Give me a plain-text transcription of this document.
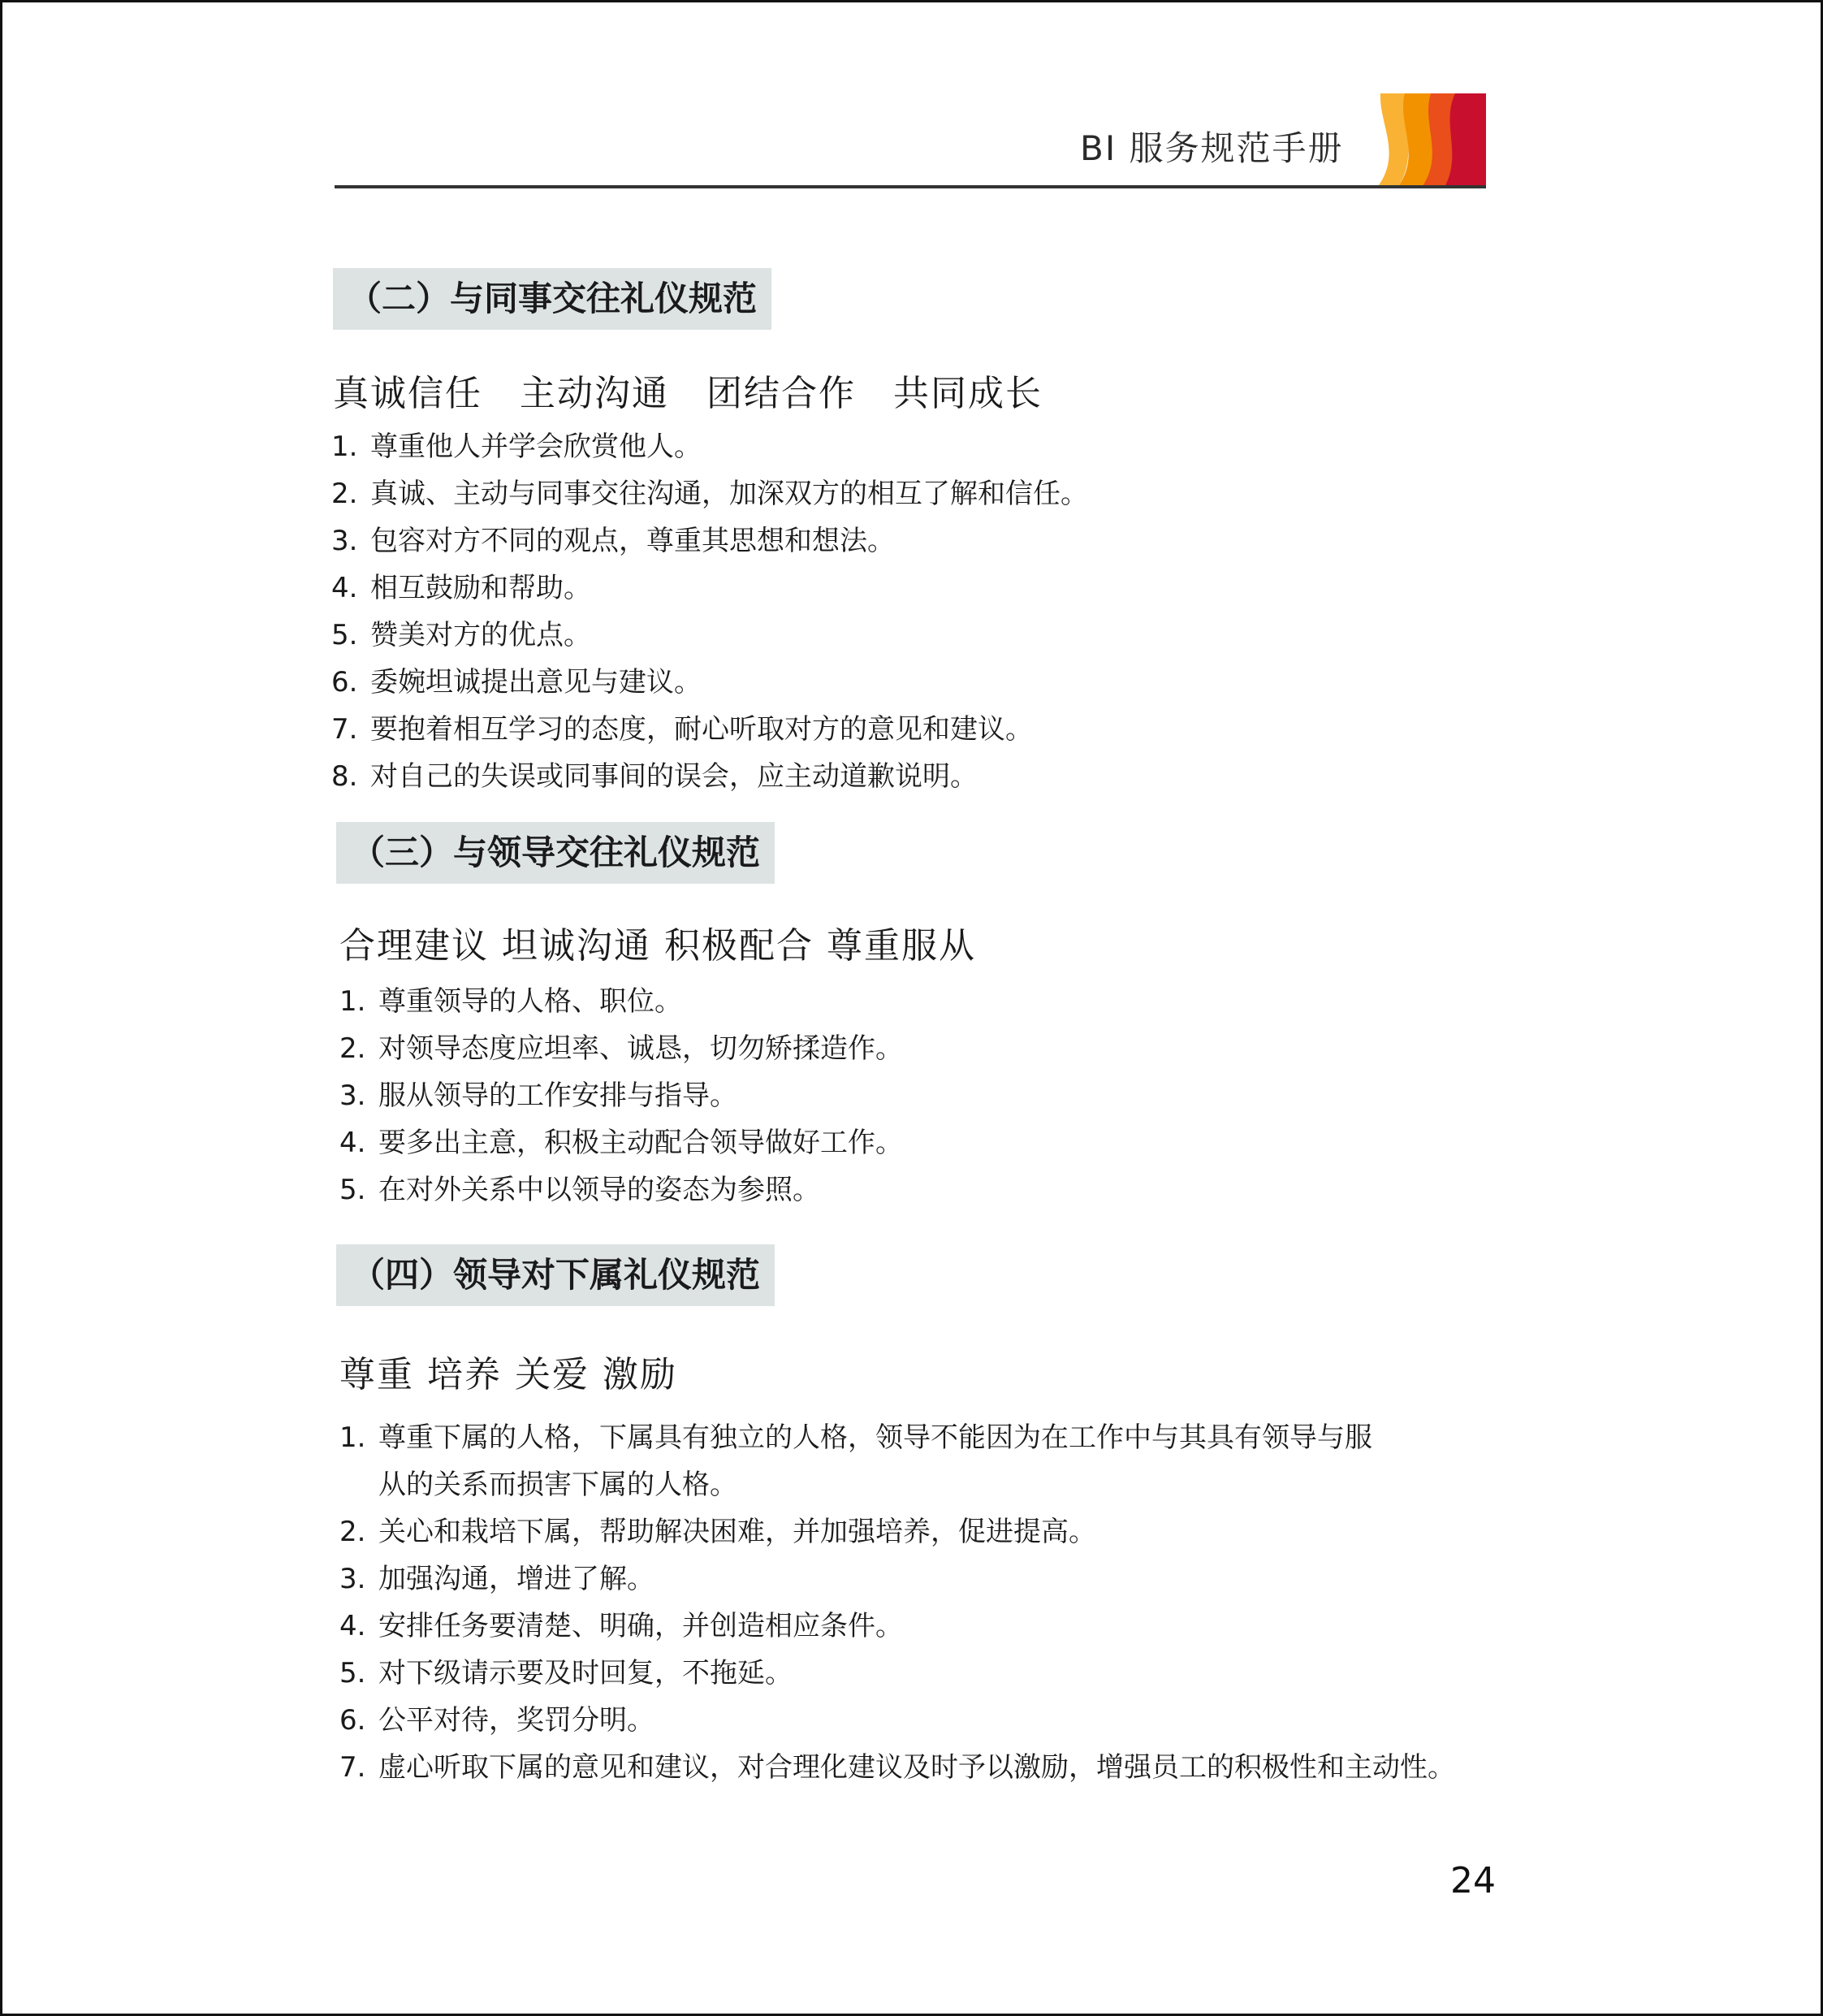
BI 服务规范手册
（二）与同事交往礼仪规范
真诚信任　主动沟通　团结合作　共同成长
1. 尊重他人并学会欣赏他人。
2. 真诚、主动与同事交往沟通，加深双方的相互了解和信任。
3. 包容对方不同的观点，尊重其思想和想法。
4. 相互鼓励和帮助。
5. 赞美对方的优点。
6. 委婉坦诚提出意见与建议。
7. 要抱着相互学习的态度，耐心听取对方的意见和建议。
8. 对自己的失误或同事间的误会，应主动道歉说明。
（三）与领导交往礼仪规范
合理建议 坦诚沟通 积极配合 尊重服从
1. 尊重领导的人格、职位。
2. 对领导态度应坦率、诚恳，切勿矫揉造作。
3. 服从领导的工作安排与指导。
4. 要多出主意，积极主动配合领导做好工作。
5. 在对外关系中以领导的姿态为参照。
（四）领导对下属礼仪规范
尊重 培养 关爱 激励
1. 尊重下属的人格，下属具有独立的人格，领导不能因为在工作中与其具有领导与服
从的关系而损害下属的人格。
2. 关心和栽培下属，帮助解决困难，并加强培养，促进提高。
3. 加强沟通，增进了解。
4. 安排任务要清楚、明确，并创造相应条件。
5. 对下级请示要及时回复，不拖延。
6. 公平对待，奖罚分明。
7. 虚心听取下属的意见和建议，对合理化建议及时予以激励，增强员工的积极性和主动性。
24
